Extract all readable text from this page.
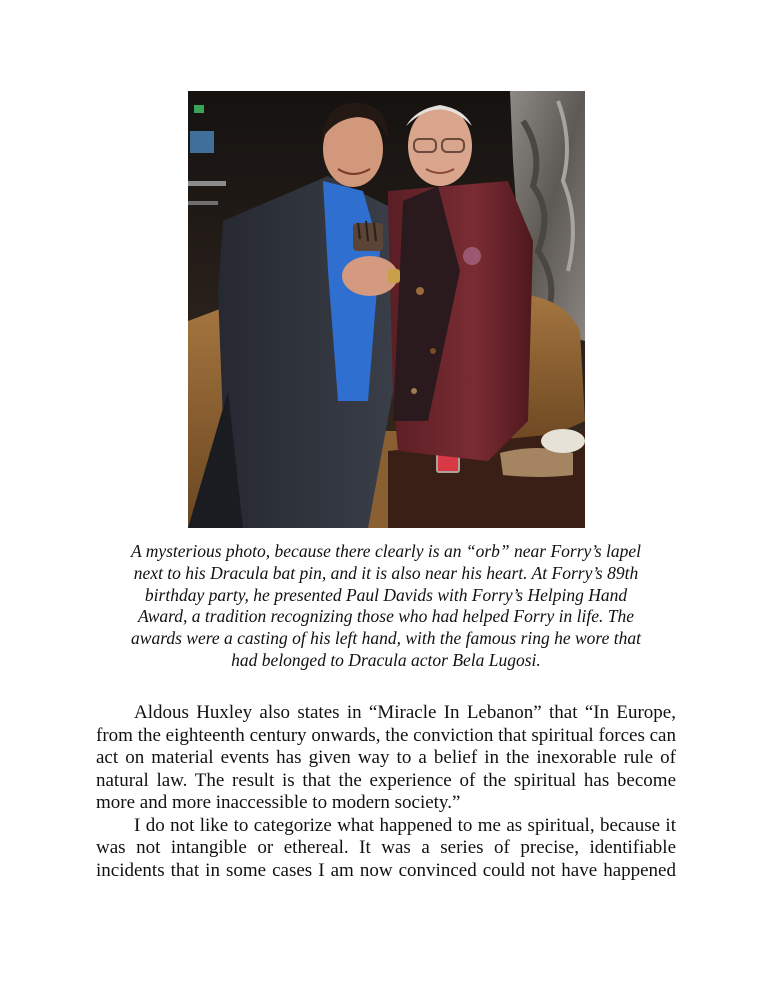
A mysterious photo, because there clearly is an “orb” near Forry’s lapel
next to his Dracula bat pin, and it is also near his heart. At Forry’s 89th
birthday party, he presented Paul Davids with Forry’s Helping Hand
Award, a tradition recognizing those who had helped Forry in life. The
awards were a casting of his left hand, with the famous ring he wore that
had belonged to Dracula actor Bela Lugosi.

Aldous Huxley also states in “Miracle In Lebanon” that “In Europe,
from the eighteenth century onwards, the conviction that spiritual forces can
act on material events has given way to a belief in the inexorable rule of
natural law. The result is that the experience of the spiritual has become
more and more inaccessible to modern society.”

I do not like to categorize what happened to me as spiritual, because it
was not intangible or ethereal. It was a series of precise, identifiable
incidents that in some cases I am now convinced could not have happened
